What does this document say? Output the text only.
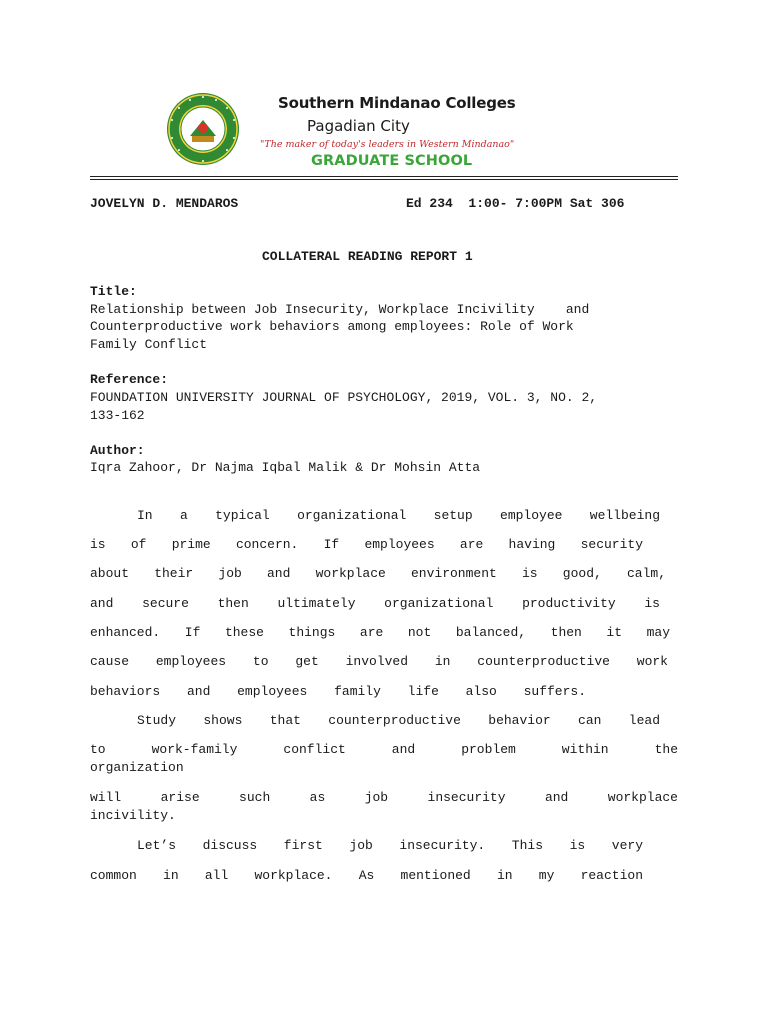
Southern Mindanao Colleges
Pagadian City
"The maker of today's leaders in Western Mindanao"
GRADUATE SCHOOL
JOVELYN D. MENDAROS	Ed 234  1:00- 7:00PM Sat 306
COLLATERAL READING REPORT 1
Title:
Relationship between Job Insecurity, Workplace Incivility    and
Counterproductive work behaviors among employees: Role of Work
Family Conflict
Reference:
FOUNDATION UNIVERSITY JOURNAL OF PSYCHOLOGY, 2019, VOL. 3, NO. 2,
133-162
Author:
Iqra Zahoor, Dr Najma Iqbal Malik & Dr Mohsin Atta
In a typical organizational setup employee wellbeing
is of prime concern. If employees are having security
about their job and workplace environment is good, calm,
and secure then ultimately organizational productivity is
enhanced. If these things are not balanced, then it may
cause employees to get involved in counterproductive work
behaviors and employees family life also suffers.
Study shows that counterproductive behavior can lead
to work-family conflict and problem within the
organization
will arise such as job insecurity and workplace
incivility.
Let’s discuss first job insecurity. This is very
common in all workplace. As mentioned in my reaction
